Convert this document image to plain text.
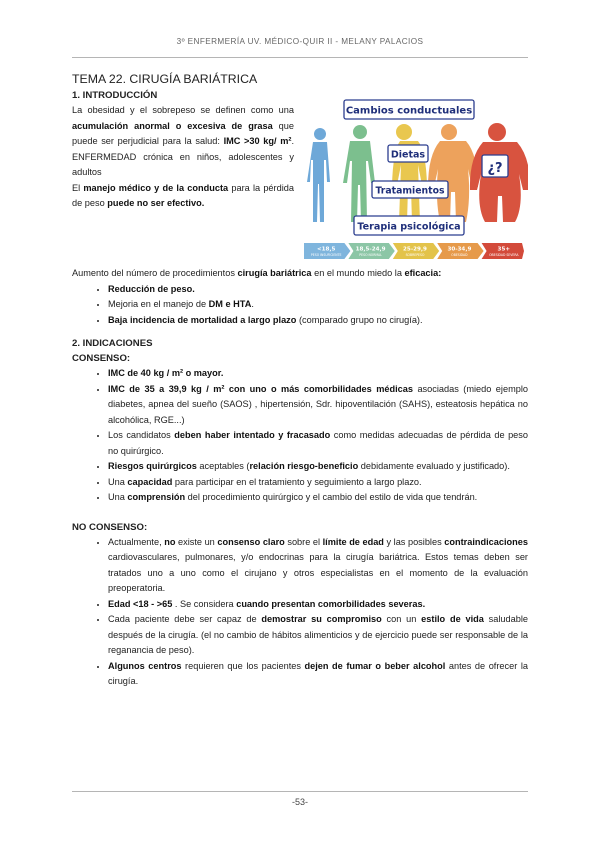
3º ENFERMERÍA UV. MÉDICO-QUIR II - MELANY PALACIOS
TEMA 22. CIRUGÍA BARIÁTRICA

1. INTRODUCCIÓN

La obesidad y el sobrepeso se definen como una acumulación anormal o excesiva de grasa que puede ser perjudicial para la salud: IMC >30 kg/ m². ENFERMEDAD crónica en niños, adolescentes y adultos

El manejo médico y de la conducta para la pérdida de peso puede no ser efectivo.

Cambios conductuales
Dietas
¿?
Tratamientos
Terapia psicológica
<18,5
PESO INSUFICIENTE
18,5-24,9
PESO NORMAL
25-29,9
SOBREPESO
30-34,9
OBESIDAD
35+
OBESIDAD SEVERA

Aumento del número de procedimientos cirugía bariátrica en el mundo miedo la eficacia:

• Reducción de peso.
• Mejoria en el manejo de DM e HTA.
• Baja incidencia de mortalidad a largo plazo (comparado grupo no cirugía).

2. INDICACIONES

CONSENSO:

• IMC de 40 kg / m² o mayor.
• IMC de 35 a 39,9 kg / m² con uno o más comorbilidades médicas asociadas (miedo ejemplo diabetes, apnea del sueño (SAOS) , hipertensión, Sdr. hipoventilación (SAHS), esteatosis hepática no alcohólica, RGE...)
• Los candidatos deben haber intentado y fracasado como medidas adecuadas de pérdida de peso no quirúrgico.
• Riesgos quirúrgicos aceptables (relación riesgo-beneficio debidamente evaluado y justificado).
• Una capacidad para participar en el tratamiento y seguimiento a largo plazo.
• Una comprensión del procedimiento quirúrgico y el cambio del estilo de vida que tendrán.

NO CONSENSO:

• Actualmente, no existe un consenso claro sobre el límite de edad y las posibles contraindicaciones cardiovasculares, pulmonares, y/o endocrinas para la cirugía bariátrica. Estos temas deben ser tratados uno a uno como el cirujano y otros especialistas en el momento de la evaluación preoperatoria.
• Edad <18 - >65 . Se considera cuando presentan comorbilidades severas.
• Cada paciente debe ser capaz de demostrar su compromiso con un estilo de vida saludable después de la cirugía. (el no cambio de hábitos alimenticios y de ejercicio puede ser responsable de la reganancia de peso).
• Algunos centros requieren que los pacientes dejen de fumar o beber alcohol antes de ofrecer la cirugía.
-53-
